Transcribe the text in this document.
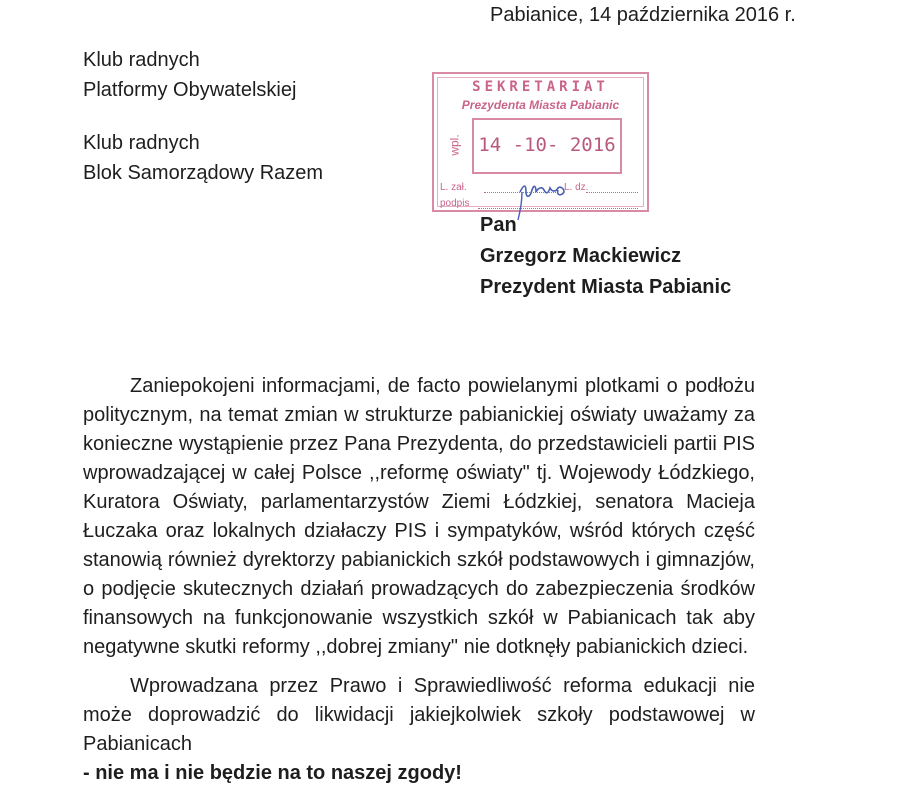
Pabianice, 14 października 2016 r.
Klub radnych
Platformy Obywatelskiej
Klub radnych
Blok Samorządowy Razem
SEKRETARIAT
Prezydenta Miasta Pabianic
wpl. 14 -10- 2016
L. zał.	L. dz.
podpis
Pan
Grzegorz Mackiewicz
Prezydent Miasta Pabianic

Zaniepokojeni informacjami, de facto powielanymi plotkami o podłożu politycznym, na temat zmian w strukturze pabianickiej oświaty uważamy za konieczne wystąpienie przez Pana Prezydenta, do przedstawicieli partii PIS wprowadzającej w całej Polsce ,,reformę oświaty" tj. Wojewody Łódzkiego, Kuratora Oświaty, parlamentarzystów Ziemi Łódzkiej, senatora Macieja Łuczaka oraz lokalnych działaczy PIS i sympatyków, wśród których część stanowią również dyrektorzy pabianickich szkół podstawowych i gimnazjów, o podjęcie skutecznych działań prowadzących do zabezpieczenia środków finansowych na funkcjonowanie wszystkich szkół w Pabianicach tak aby negatywne skutki reformy ,,dobrej zmiany" nie dotknęły pabianickich dzieci.

Wprowadzana przez Prawo i Sprawiedliwość reforma edukacji nie może doprowadzić do likwidacji jakiejkolwiek szkoły podstawowej w Pabianicach
- nie ma i nie będzie na to naszej zgody!
